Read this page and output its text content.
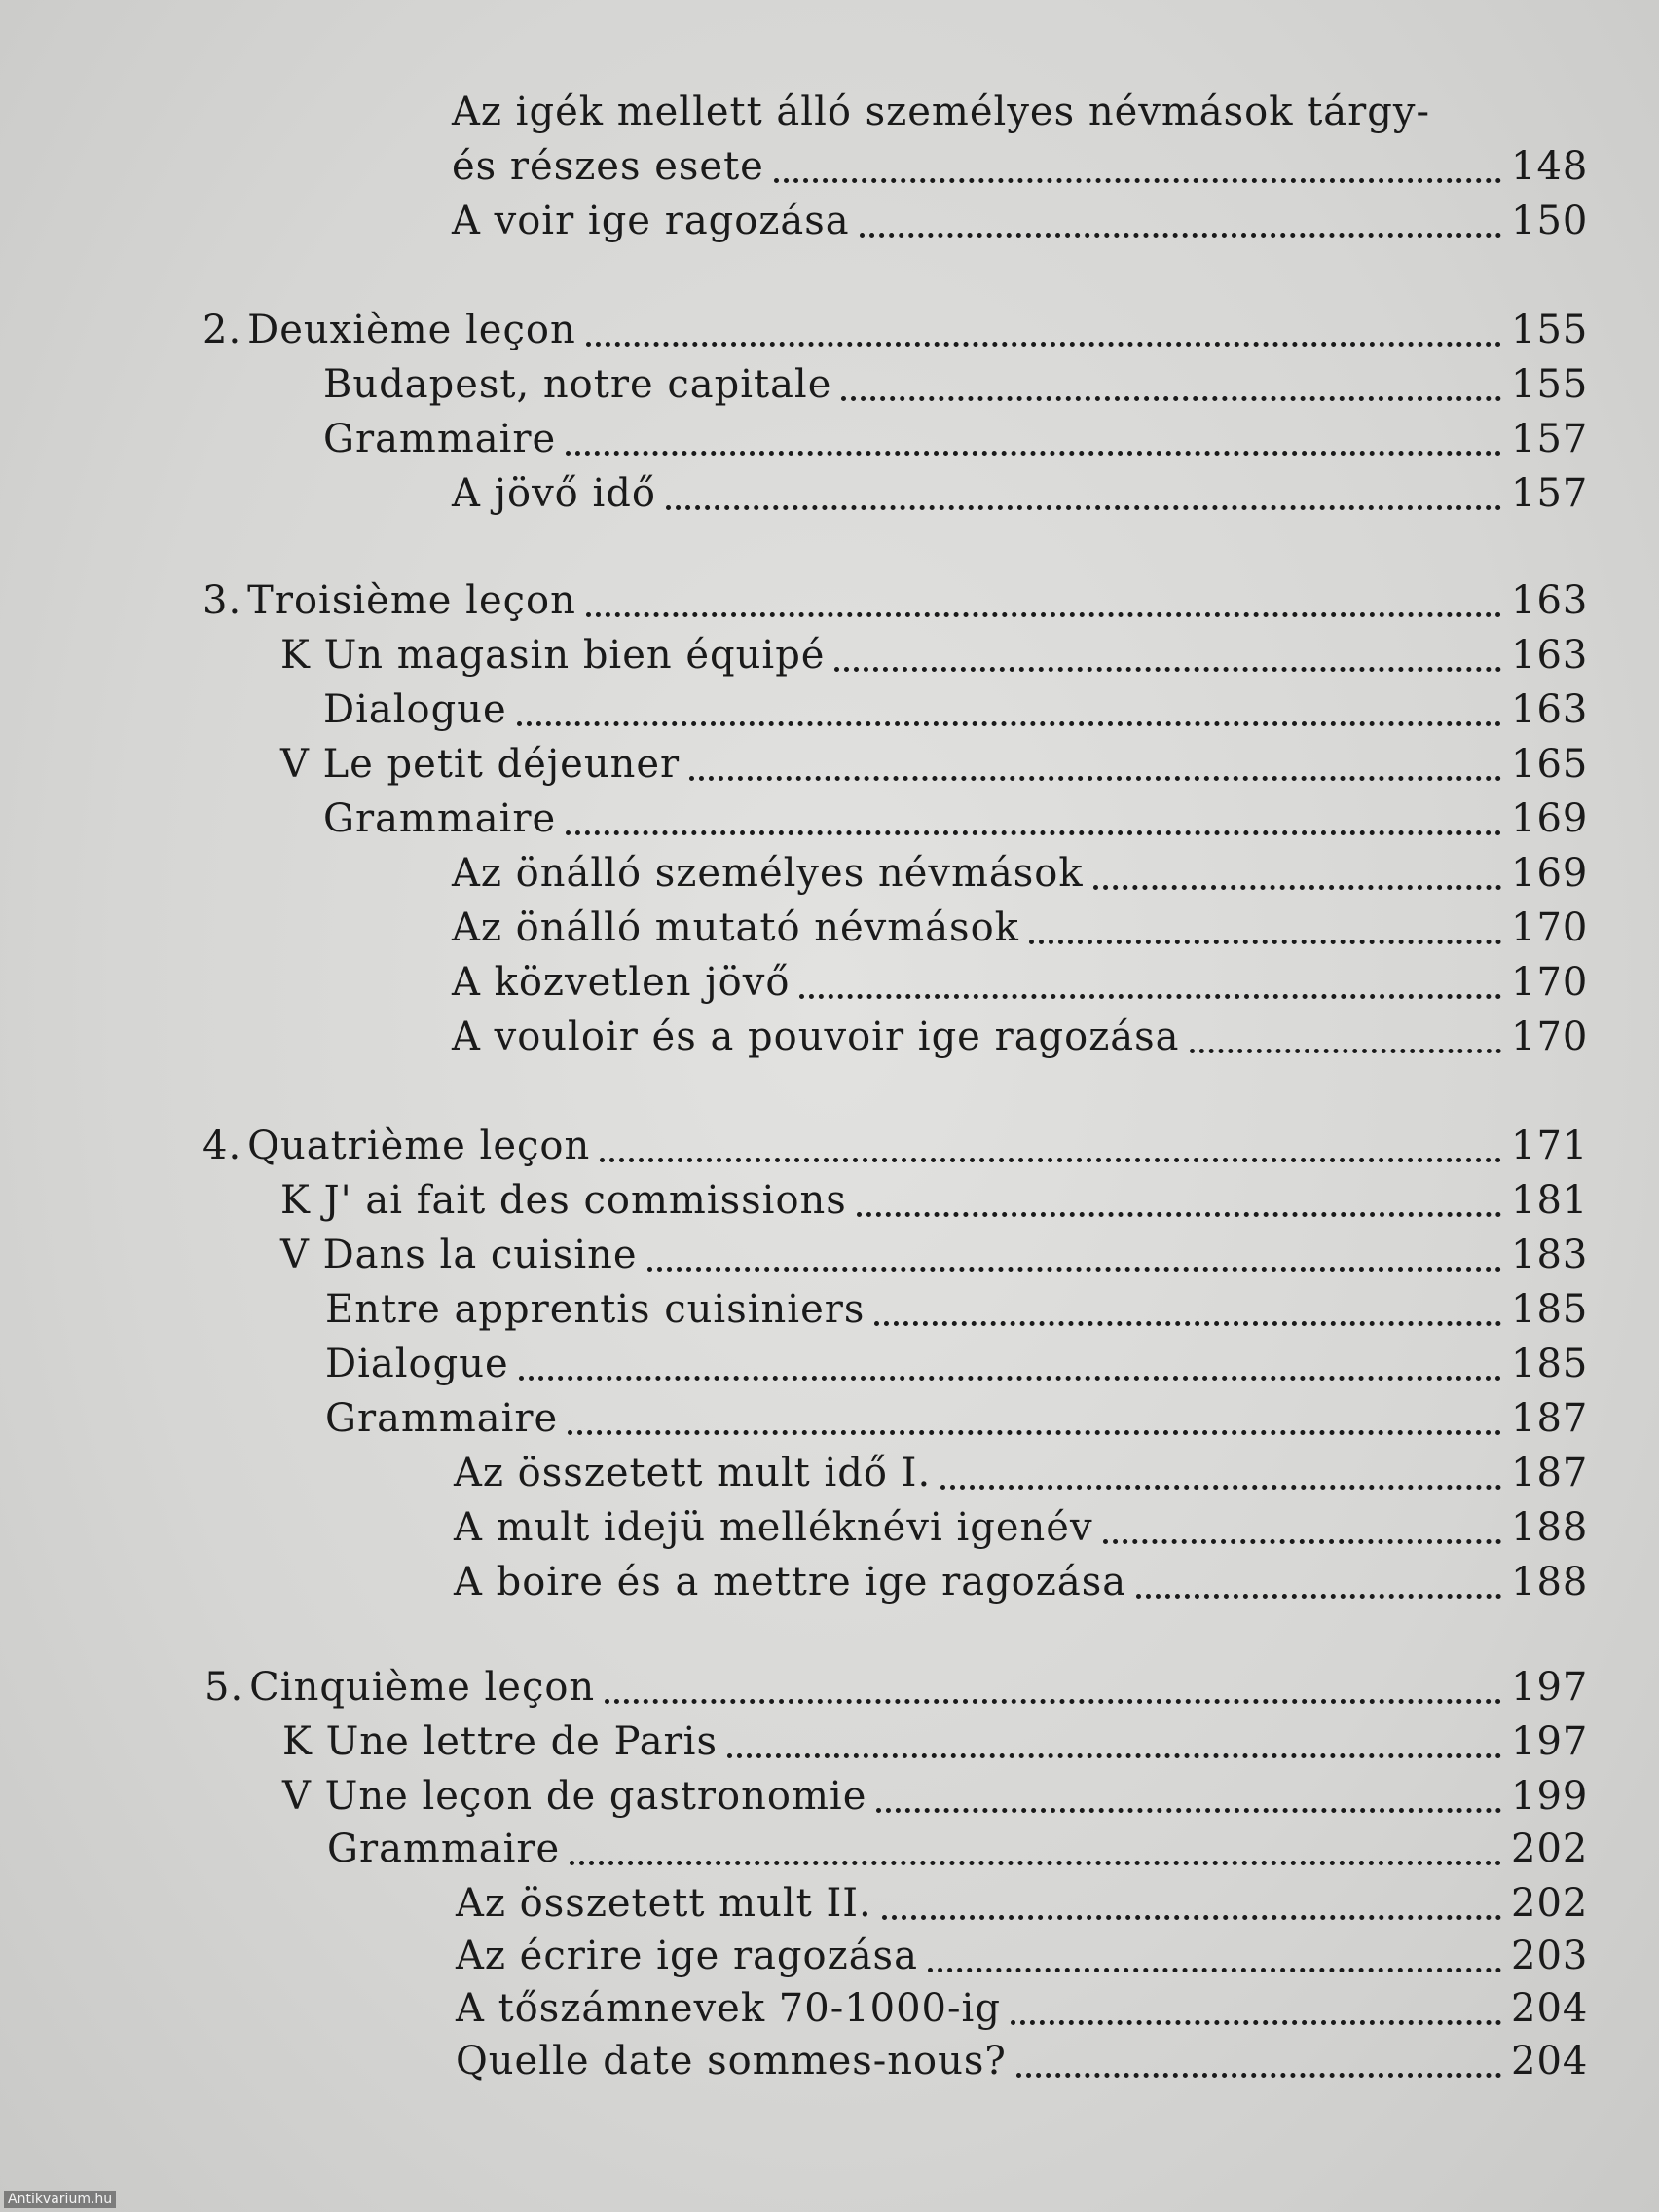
Az igék mellett álló személyes névmások tárgy-
és részes esete	148
A voir ige ragozása	150
2. Deuxième leçon	155
Budapest, notre capitale	155
Grammaire	157
A jövő idő	157
3. Troisième leçon	163
K Un magasin bien équipé	163
Dialogue	163
V Le petit déjeuner	165
Grammaire	169
Az önálló személyes névmások	169
Az önálló mutató névmások	170
A közvetlen jövő	170
A vouloir és a pouvoir ige ragozása	170
4. Quatrième leçon	171
K J' ai fait des commissions	181
V Dans la cuisine	183
Entre apprentis cuisiniers	185
Dialogue	185
Grammaire	187
Az összetett mult idő I.	187
A mult idejü melléknévi igenév	188
A boire és a mettre ige ragozása	188
5. Cinquième leçon	197
K Une lettre de Paris	197
V Une leçon de gastronomie	199
Grammaire	202
Az összetett mult II.	202
Az écrire ige ragozása	203
A tőszámnevek 70-1000-ig	204
Quelle date sommes-nous?	204
Antikvarium.hu
